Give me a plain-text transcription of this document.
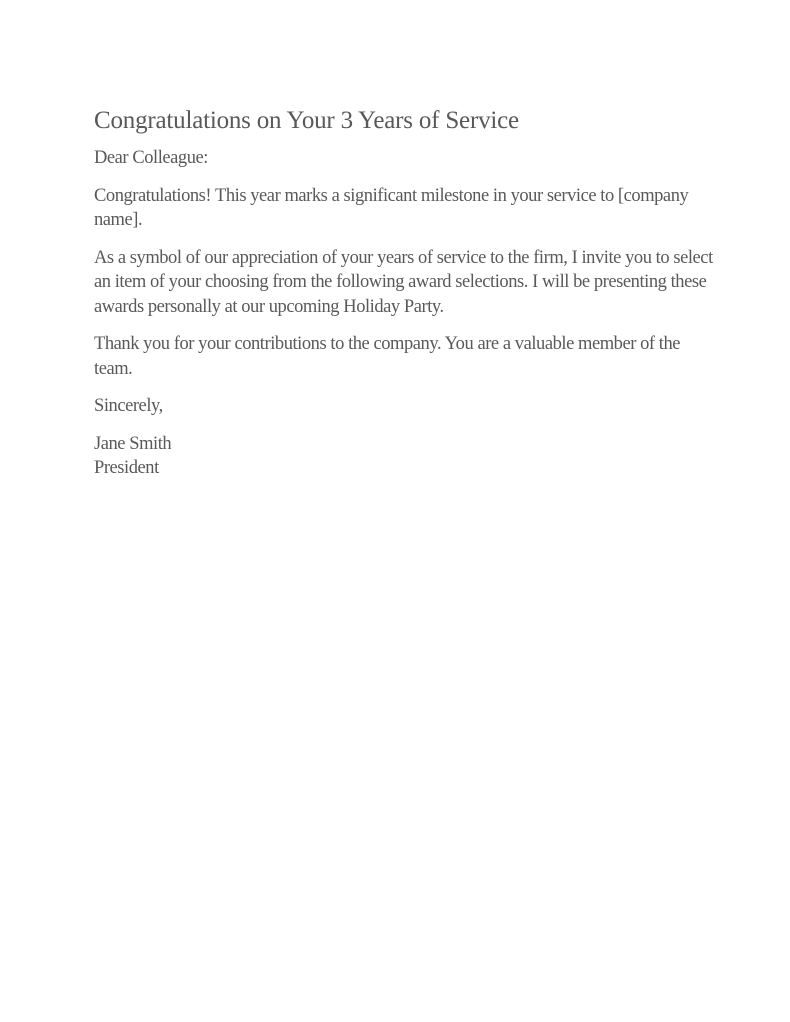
Congratulations on Your 3 Years of Service

Dear Colleague:

Congratulations! This year marks a significant milestone in your service to [company name].

As a symbol of our appreciation of your years of service to the firm, I invite you to select an item of your choosing from the following award selections. I will be presenting these awards personally at our upcoming Holiday Party.

Thank you for your contributions to the company. You are a valuable member of the team.

Sincerely,

Jane Smith
President
